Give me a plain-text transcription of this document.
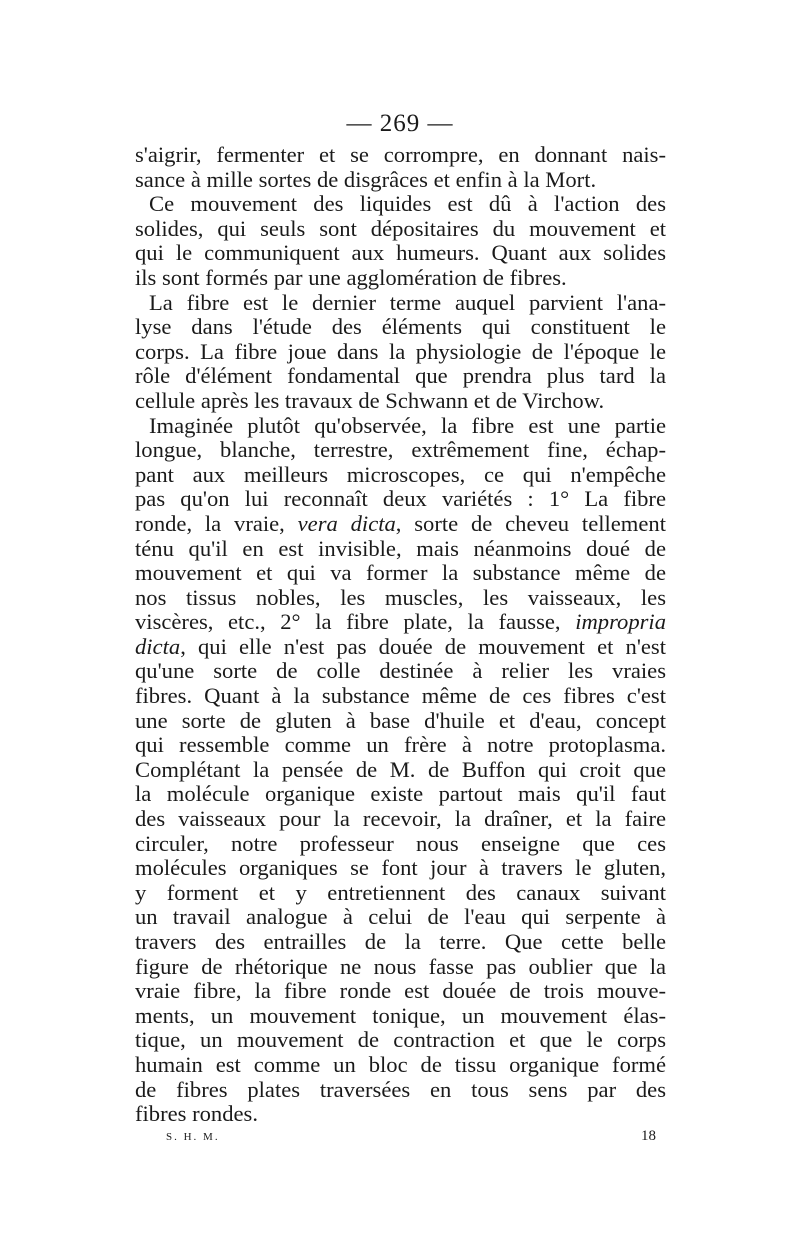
— 269 —

s'aigrir, fermenter et se corrompre, en donnant nais-

sance à mille sortes de disgrâces et enfin à la Mort.

Ce mouvement des liquides est dû à l'action des

solides, qui seuls sont dépositaires du mouvement et

qui le communiquent aux humeurs. Quant aux solides

ils sont formés par une agglomération de fibres.

La fibre est le dernier terme auquel parvient l'ana-

lyse dans l'étude des éléments qui constituent le

corps. La fibre joue dans la physiologie de l'époque le

rôle d'élément fondamental que prendra plus tard la

cellule après les travaux de Schwann et de Virchow.

Imaginée plutôt qu'observée, la fibre est une partie

longue, blanche, terrestre, extrêmement fine, échap-

pant aux meilleurs microscopes, ce qui n'empêche

pas qu'on lui reconnaît deux variétés : 1° La fibre

ronde, la vraie, vera dicta, sorte de cheveu tellement

ténu qu'il en est invisible, mais néanmoins doué de

mouvement et qui va former la substance même de

nos tissus nobles, les muscles, les vaisseaux, les

viscères, etc., 2° la fibre plate, la fausse, impropria

dicta, qui elle n'est pas douée de mouvement et n'est

qu'une sorte de colle destinée à relier les vraies

fibres. Quant à la substance même de ces fibres c'est

une sorte de gluten à base d'huile et d'eau, concept

qui ressemble comme un frère à notre protoplasma.

Complétant la pensée de M. de Buffon qui croit que

la molécule organique existe partout mais qu'il faut

des vaisseaux pour la recevoir, la draîner, et la faire

circuler, notre professeur nous enseigne que ces

molécules organiques se font jour à travers le gluten,

y forment et y entretiennent des canaux suivant

un travail analogue à celui de l'eau qui serpente à

travers des entrailles de la terre. Que cette belle

figure de rhétorique ne nous fasse pas oublier que la

vraie fibre, la fibre ronde est douée de trois mouve-

ments, un mouvement tonique, un mouvement élas-

tique, un mouvement de contraction et que le corps

humain est comme un bloc de tissu organique formé

de fibres plates traversées en tous sens par des

fibres rondes.

S. H. M.	18
